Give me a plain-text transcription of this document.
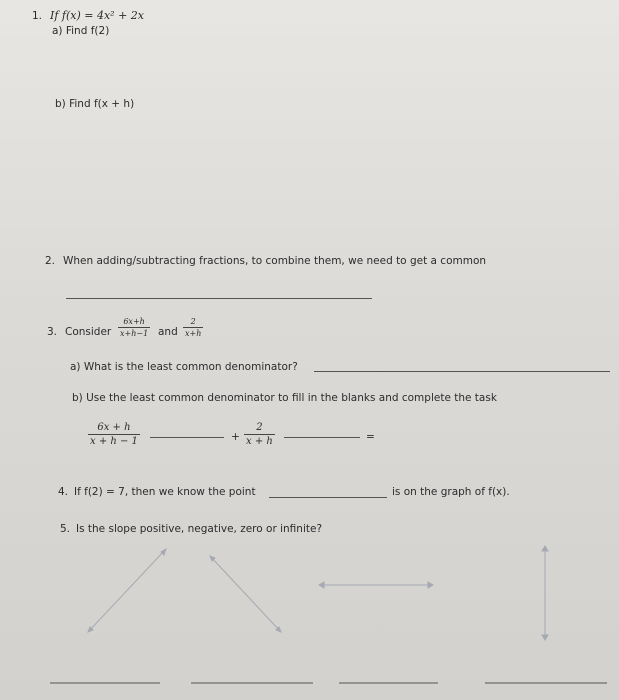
1. If f(x) = 4x² + 2x
a) Find f(2)
b) Find f(x + h)
2. When adding/subtracting fractions, to combine them, we need to get a common
3. Consider
6x+h
x+h−1 and
2
x+h
a) What is the least common denominator?
b) Use the least common denominator to fill in the blanks and complete the task
6x + h
x + h − 1	+
2
x + h	=
4. If f(2) = 7, then we know the point	is on the graph of f(x).
5. Is the slope positive, negative, zero or infinite?
